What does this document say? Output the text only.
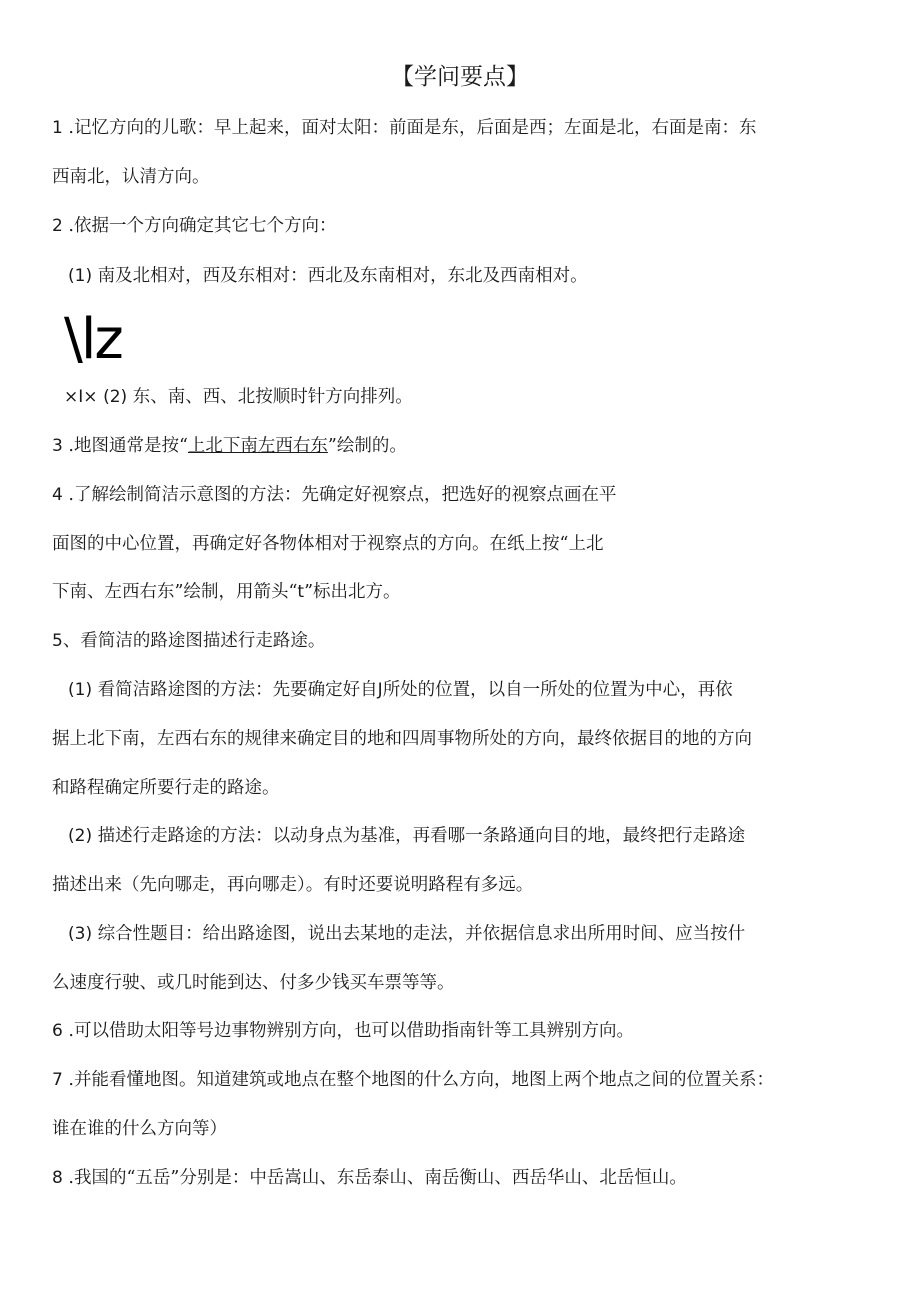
【学问要点】
1 .记忆方向的儿歌：早上起来，面对太阳：前面是东，后面是西；左面是北，右面是南：东
西南北，认清方向。
2 .依据一个方向确定其它七个方向：
(1) 南及北相对，西及东相对：西北及东南相对，东北及西南相对。
\lz
×I× (2) 东、南、西、北按顺时针方向排列。
3 .地图通常是按“上北下南左西右东”绘制的。
4 .了解绘制简洁示意图的方法：先确定好视察点，把选好的视察点画在平
面图的中心位置，再确定好各物体相对于视察点的方向。在纸上按“上北
下南、左西右东”绘制，用箭头“t”标出北方。
5、看简洁的路途图描述行走路途。
(1) 看简洁路途图的方法：先要确定好自J所处的位置，以自一所处的位置为中心，再依
据上北下南，左西右东的规律来确定目的地和四周事物所处的方向，最终依据目的地的方向
和路程确定所要行走的路途。
(2) 描述行走路途的方法：以动身点为基准，再看哪一条路通向目的地，最终把行走路途
描述出来（先向哪走，再向哪走）。有时还要说明路程有多远。
(3) 综合性题目：给出路途图，说出去某地的走法，并依据信息求出所用时间、应当按什
么速度行驶、或几时能到达、付多少钱买车票等等。
6 .可以借助太阳等号边事物辨别方向，也可以借助指南针等工具辨别方向。
7 .并能看懂地图。知道建筑或地点在整个地图的什么方向，地图上两个地点之间的位置关系：
谁在谁的什么方向等）
8 .我国的“五岳”分别是：中岳嵩山、东岳泰山、南岳衡山、西岳华山、北岳恒山。
